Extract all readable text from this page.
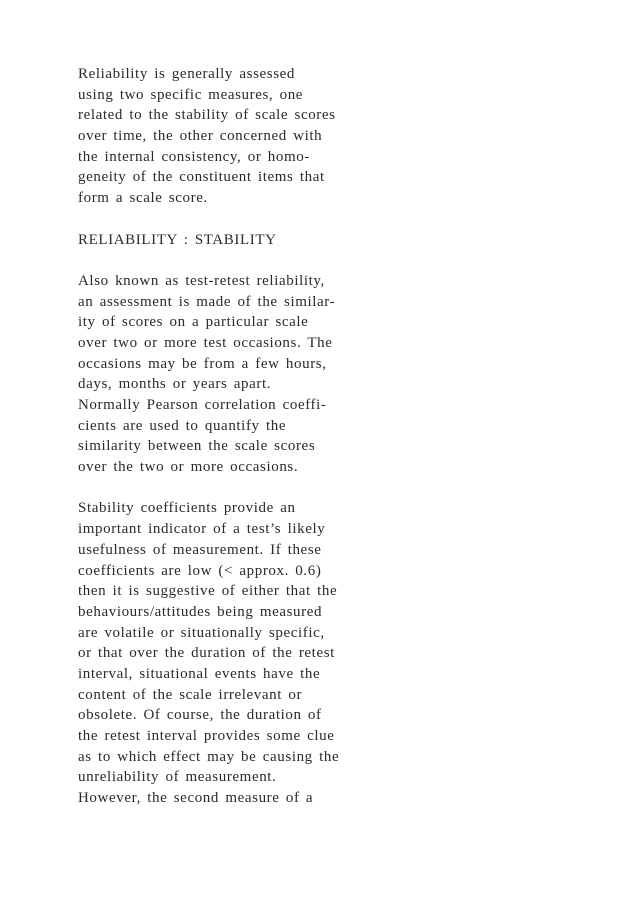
Reliability is generally assessed
using two specific measures, one
related to the stability of scale scores
over time, the other concerned with
the internal consistency, or homo-
geneity of the constituent items that
form a scale score.
RELIABILITY : STABILITY
Also known as test-retest reliability,
an assessment is made of the similar-
ity of scores on a particular scale
over two or more test occasions. The
occasions may be from a few hours,
days, months or years apart.
Normally Pearson correlation coeffi-
cients are used to quantify the
similarity between the scale scores
over the two or more occasions.
Stability coefficients provide an
important indicator of a test’s likely
usefulness of measurement. If these
coefficients are low (< approx. 0.6)
then it is suggestive of either that the
behaviours/attitudes being measured
are volatile or situationally specific,
or that over the duration of the retest
interval, situational events have the
content of the scale irrelevant or
obsolete. Of course, the duration of
the retest interval provides some clue
as to which effect may be causing the
unreliability of measurement.
However, the second measure of a
